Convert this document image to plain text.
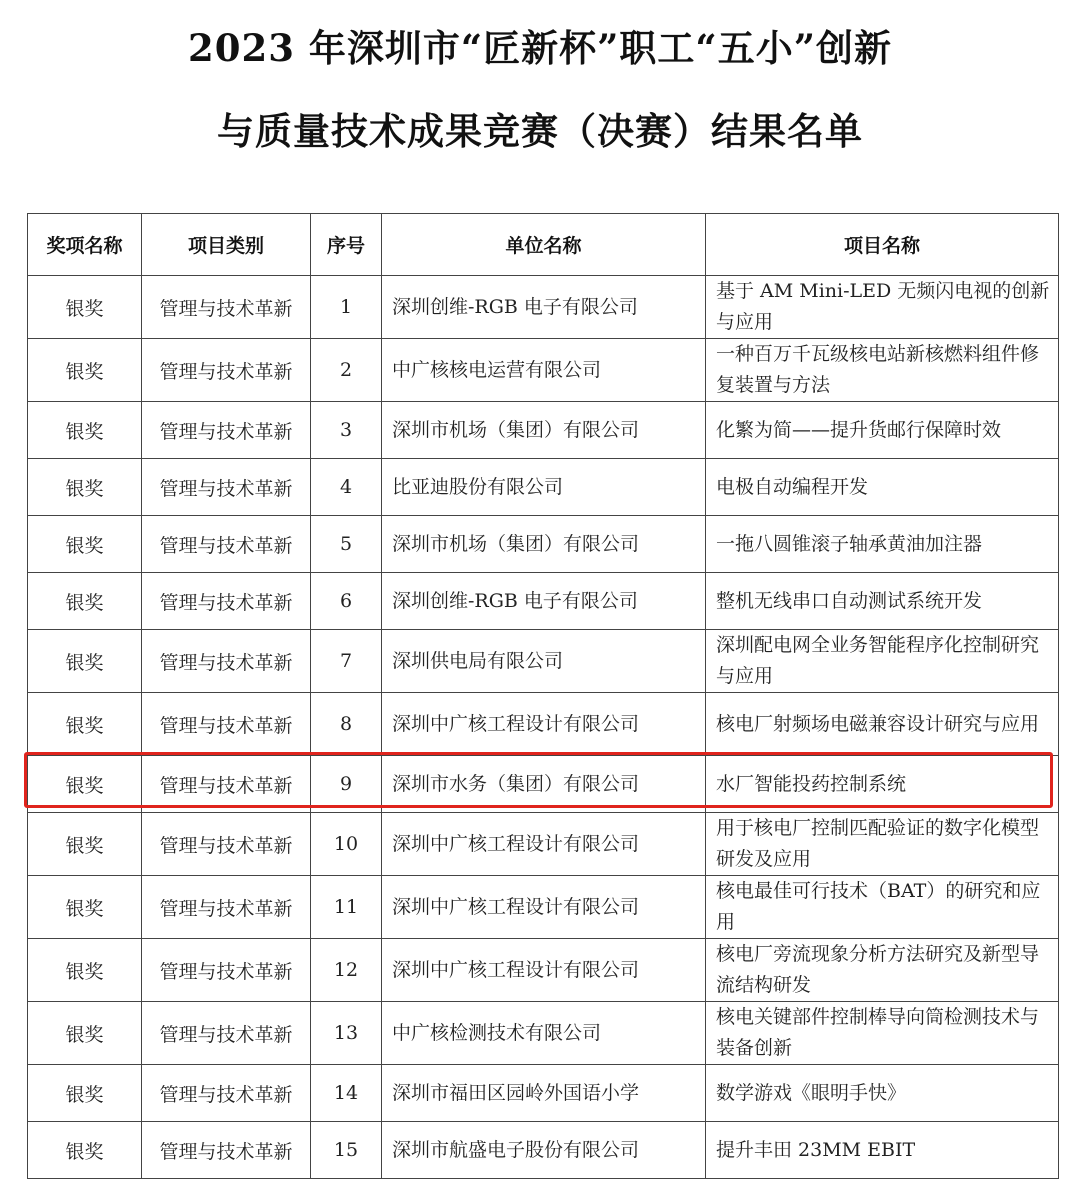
2023 年深圳市“匠新杯”职工“五小”创新
与质量技术成果竞赛（决赛）结果名单
奖项名称	项目类别	序号	单位名称	项目名称
银奖	管理与技术革新	1	深圳创维-RGB 电子有限公司	基于 AM Mini-LED 无频闪电视的创新与应用
银奖	管理与技术革新	2	中广核核电运营有限公司	一种百万千瓦级核电站新核燃料组件修复装置与方法
银奖	管理与技术革新	3	深圳市机场（集团）有限公司	化繁为简——提升货邮行保障时效
银奖	管理与技术革新	4	比亚迪股份有限公司	电极自动编程开发
银奖	管理与技术革新	5	深圳市机场（集团）有限公司	一拖八圆锥滚子轴承黄油加注器
银奖	管理与技术革新	6	深圳创维-RGB 电子有限公司	整机无线串口自动测试系统开发
银奖	管理与技术革新	7	深圳供电局有限公司	深圳配电网全业务智能程序化控制研究与应用
银奖	管理与技术革新	8	深圳中广核工程设计有限公司	核电厂射频场电磁兼容设计研究与应用
银奖	管理与技术革新	9	深圳市水务（集团）有限公司	水厂智能投药控制系统
银奖	管理与技术革新	10	深圳中广核工程设计有限公司	用于核电厂控制匹配验证的数字化模型研发及应用
银奖	管理与技术革新	11	深圳中广核工程设计有限公司	核电最佳可行技术（BAT）的研究和应用
银奖	管理与技术革新	12	深圳中广核工程设计有限公司	核电厂旁流现象分析方法研究及新型导流结构研发
银奖	管理与技术革新	13	中广核检测技术有限公司	核电关键部件控制棒导向筒检测技术与装备创新
银奖	管理与技术革新	14	深圳市福田区园岭外国语小学	数学游戏《眼明手快》
银奖	管理与技术革新	15	深圳市航盛电子股份有限公司	提升丰田 23MM EBIT
